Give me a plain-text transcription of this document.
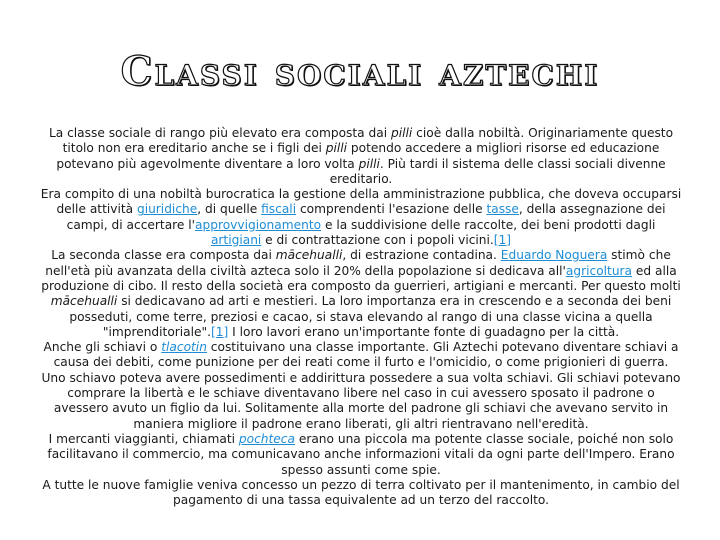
Classi sociali aztechi

La classe sociale di rango più elevato era composta dai pilli cioè dalla nobiltà. Originariamente questo titolo non era ereditario anche se i figli dei pilli potendo accedere a migliori risorse ed educazione potevano più agevolmente diventare a loro volta pilli. Più tardi il sistema delle classi sociali divenne ereditario.

Era compito di una nobiltà burocratica la gestione della amministrazione pubblica, che doveva occuparsi delle attività giuridiche, di quelle fiscali comprendenti l'esazione delle tasse, della assegnazione dei campi, di accertare l'approvvigionamento e la suddivisione delle raccolte, dei beni prodotti dagli artigiani e di contrattazione con i popoli vicini.[1]

La seconda classe era composta dai mācehualli, di estrazione contadina. Eduardo Noguera stimò che nell'età più avanzata della civiltà azteca solo il 20% della popolazione si dedicava all'agricoltura ed alla produzione di cibo. Il resto della società era composto da guerrieri, artigiani e mercanti. Per questo molti mācehualli si dedicavano ad arti e mestieri. La loro importanza era in crescendo e a seconda dei beni posseduti, come terre, preziosi e cacao, si stava elevando al rango di una classe vicina a quella "imprenditoriale".[1] I loro lavori erano un'importante fonte di guadagno per la città.

Anche gli schiavi o tlacotin costituivano una classe importante. Gli Aztechi potevano diventare schiavi a causa dei debiti, come punizione per dei reati come il furto e l'omicidio, o come prigionieri di guerra. Uno schiavo poteva avere possedimenti e addirittura possedere a sua volta schiavi. Gli schiavi potevano comprare la libertà e le schiave diventavano libere nel caso in cui avessero sposato il padrone o avessero avuto un figlio da lui. Solitamente alla morte del padrone gli schiavi che avevano servito in maniera migliore il padrone erano liberati, gli altri rientravano nell'eredità.

I mercanti viaggianti, chiamati pochteca erano una piccola ma potente classe sociale, poiché non solo facilitavano il commercio, ma comunicavano anche informazioni vitali da ogni parte dell'Impero. Erano spesso assunti come spie.

A tutte le nuove famiglie veniva concesso un pezzo di terra coltivato per il mantenimento, in cambio del pagamento di una tassa equivalente ad un terzo del raccolto.
